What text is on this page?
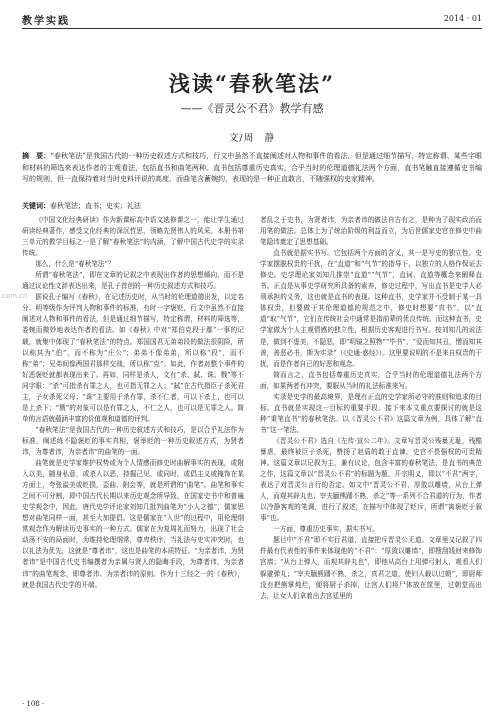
教学实践	2014 · 01
浅读“春秋笔法”
——《晋灵公不君》教学有感
文/周　静
摘　要：“春秋笔法”是我国古代的一种历史叙述方式和技巧，行文中虽然不直接阐述对人物和事件的看法，但是通过细节描写、特定称谓、某些字眼和材料的筛选来表达作者的主观看法，包括直书和曲笔两种。直书包括尊重历史真实，合乎当时的伦理道德礼法两个方面，直书笔触直接遵循史书编写的规则，但一直保持着对当时史料评说的高度，而曲笔含蓄婉约，表现的是一种正直敢言，不随强权的史家精神。
关键词：春秋笔法；直书；史实；礼法

《中国文化经典研读》作为新课标高中语文选修课之一，能让学生通过研读经典著作，感受文化经典的深沉哲思，领略先贤伟人的风采。本册书第三单元的教学目标之一是了解“春秋笔法”的内涵，了解中国古代史学的实录传统。

那么，什么是“春秋笔法”？

所谓“春秋笔法”，即在文章的记叙之中表现出作者的思想倾向，而不是通过议论性文辞表达出来，是孔子首创的一种历史叙述方式和技巧。

据说孔子编写《春秋》，在记述历史时，从当时的伦理道德出发，以定名分、明等级作为评判人物和事件的标准，有时一字褒贬，行文中虽然不直接阐述对人物和事件的看法，但是通过细节描写，特定称谓，材料的筛选等，委婉而微妙地表达作者的看法。如《春秋》中对“郑伯克段于鄢”一事的记载，就集中体现了“春秋笔法”的特点。郑国国君无弟弟段的做法很阴险，所以称其为“伯”，而不称为“庄公”；弟弟不像弟弟，所以称“段”，而不称“弟”；兄弟间像两国君那样交战，所以称“克”。如此，作者对整个事件的好恶褒贬就都表现出来了。再如，同样是杀人，文有“杀、弑、诛、戮”等不同字眼：“杀”可指杀有罪之人，也可指无罪之人；“弑”在古代指臣子杀死君主，子女杀死父母；“诛”主要用于杀有罪，杀不仁者，可以下杀上，也可以是上杀下；“戮”的对象可以是有罪之人，不仁之人，也可以是无罪之人。简单的言语就蕴涵丰富的价值观和道德的评判。

“春秋笔法”是我国古代的一种历史叙述方式和技巧，是以合乎礼法作为标准，阐述练不隐褒贬的事实真相，褒举贬的一种历史叙述方式，为贤者讳，为尊者讳，为亲者讳”的曲笔的一面。

曲笔就是史学家维护权势或为个人情感而修史时曲解事实的表现，或附入以美，随身私意，或杀人以恶，持掘己见，或同时，或倡主义或掩饰在某方面上，夸张溢美或贬损，歪曲、附会等，就是所谓的“曲笔”。曲笔和事实之间不可分割，即中国古代长期以来历史观念所导致，在国家史书中和普遍史学观念中，因此，唐代史学评论家刘知几批判曲笔为“小人之德”，儒家思想对曲笔同样一面，甚至大加提倡。这是儒家在“入世”的过程中，用伦理纲常观念作为解读历史事实的一种方式。儒家在为复周礼而努力，出现了社会动荡不安的局面时，为维持伦理纲常，尊卑秩序，当礼法与史实冲突时，也以礼法为优先，这就是“尊者讳”，这也是曲笔的本质特征。“为亲者讳，为贤者讳”是中国古代史书编撰者为亲属与贤人的隐晦手段，为尊者讳，为亲者讳”的曲笔观念，即尊者讳、为亲者讳的原则。作为十三经之一的《春秋》，就是我国古代史学的开端。

者乱之于史书，为贤者讳，为亲者讳的做法自古有之，是种为了现实政治而用笔的做法。总体上为了统治阶级的利益而立，为后世儒家史官在修史中曲笔隐讳奠定了思想基础。

直书就是据实书写。它包括两个方面的含义，其一是写史的独立性。史学家摆脱权贵的干扰，在“直道”和“气节”的指导下，以独立的人格作保证去修史。史学理论家刘知几推崇“直道”“气节”，直词、直道等概念来阐释直书。正直是从事史学研究所具备的素养，修史过程中，写出直书是史学人必须承担的义务，这也就是直书的表现。这种直书，史学家并不受制于某一具体权贵，但要做于其伦理道德的规范之中，修史时想要“真书”，以“直道”取“气节”，它们在传统社会中通常是指前辈的优良传统。而这种直书，史学家做为个人主观情感的独立性，根据历史客观进行书写。按刘知几的说法是，做到不虚美，不隐恶，即“明镜之照物”“毕书”，“爱而知其丑，憎而知其善，善恶必书，斯为实录”（《史通·惑经》）。这里要说明的不是来自权贵的干扰，而是作者自己的好恶和观念。

简而言之，直书包括尊重历史真实，合乎当时的伦理道德礼法两个方面，如果两者有冲突，要服从当时的礼法标准来写。

实录是史学的最高境界，是理有正直的史学家所必守的准则和追求的目标。直书就是实现这一目标的重要手段。接下来本文重点要探讨的就是这种“秉笔直书”的春秋笔法。以《晋灵公不君》这篇文章为例，具体了解“直书”这一笔法。

《晋灵公不君》选自《左传·宣公二年》。文章写晋灵公残暴无耻，残酷暴虐，最终被臣子杀死，赞扬了赵盾的敢于直谏，史官不畏强权的可贵精神。这篇文章以记叙为主，兼有议论，包含丰富的春秋笔法，是直书的典范之作，这篇文章以“晋灵公不君”的标题为题，开宗明义，即以“不君”两字，表达了对晋灵公言行的否定。如文中“晋灵公不君，厚敛以雕墙，从台上弹人，而观其辟丸也；宰夫胹熊蹯不熟，杀之”等一系列不合君道的行为，作者以冷静客观的笔调，进行了叙述，在描写中体现了贬斥，所谓“寓褒贬于叙事”也。

一方面，尊重历史事实，据实书写。

题目中“不君”即不实行君道，直接把斥晋灵公无道。文章里又记叙了四件最有代表性的事件来体现他的“不君”：“厚敛以雕墙”，即搜刮钱财来修饰宫墙；“从台上弹人，而观其辟丸也”，即他从高台上用弹弓射人，观看人们躲避弹丸；“宰夫胹熊蹯不熟，杀之，真君之道，使妇人载以过朝”，即厨师没有把熊掌炖烂，便将厨子杀掉，让宫人们将尸体放在筐里，过朝堂而出去，让女人们拿着出去宫廷里的

com.cn
· 108 ·
